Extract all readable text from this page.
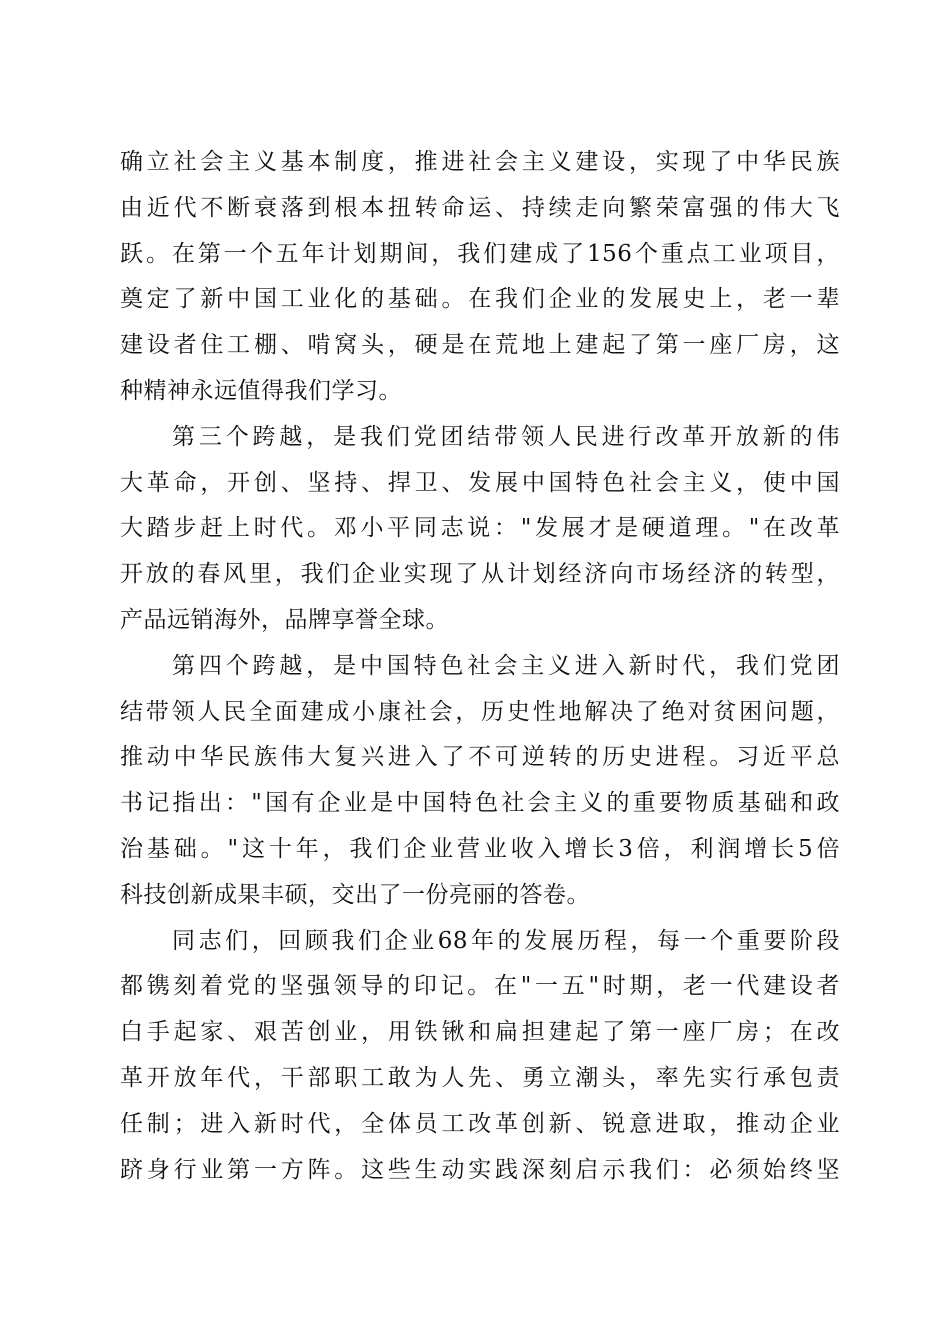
确立社会主义基本制度，推进社会主义建设，实现了中华民族
由近代不断衰落到根本扭转命运、持续走向繁荣富强的伟大飞
跃。在第一个五年计划期间，我们建成了156个重点工业项目，
奠定了新中国工业化的基础。在我们企业的发展史上，老一辈
建设者住工棚、啃窝头，硬是在荒地上建起了第一座厂房，这
种精神永远值得我们学习。
第三个跨越，是我们党团结带领人民进行改革开放新的伟
大革命，开创、坚持、捍卫、发展中国特色社会主义，使中国
大踏步赶上时代。邓小平同志说："发展才是硬道理。"在改革
开放的春风里，我们企业实现了从计划经济向市场经济的转型，
产品远销海外，品牌享誉全球。
第四个跨越，是中国特色社会主义进入新时代，我们党团
结带领人民全面建成小康社会，历史性地解决了绝对贫困问题，
推动中华民族伟大复兴进入了不可逆转的历史进程。习近平总
书记指出："国有企业是中国特色社会主义的重要物质基础和政
治基础。"这十年，我们企业营业收入增长3倍，利润增长5倍
科技创新成果丰硕，交出了一份亮丽的答卷。
同志们，回顾我们企业68年的发展历程，每一个重要阶段
都镌刻着党的坚强领导的印记。在"一五"时期，老一代建设者
白手起家、艰苦创业，用铁锹和扁担建起了第一座厂房；在改
革开放年代，干部职工敢为人先、勇立潮头，率先实行承包责
任制；进入新时代，全体员工改革创新、锐意进取，推动企业
跻身行业第一方阵。这些生动实践深刻启示我们：必须始终坚
